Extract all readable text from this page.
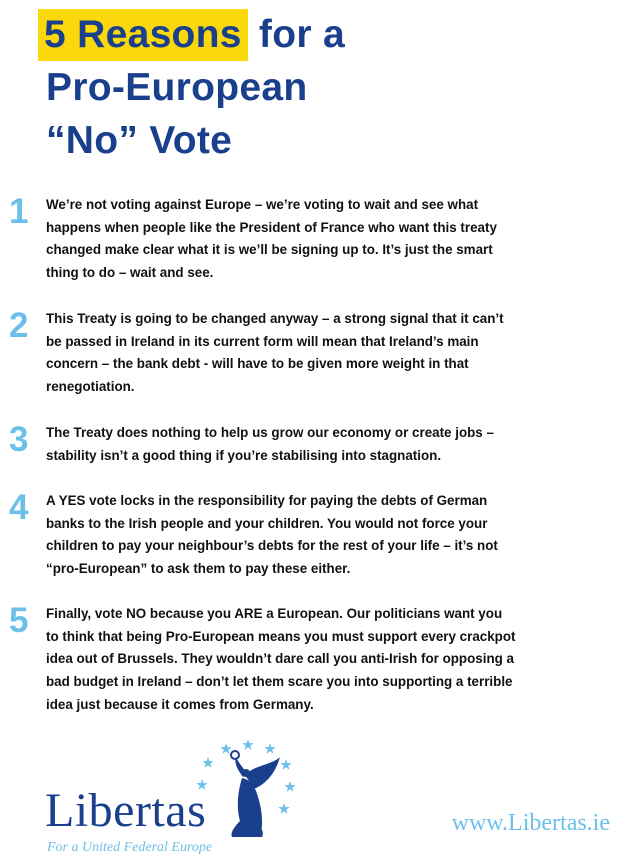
5 Reasons for a
Pro-European
“No” Vote
1 We’re not voting against Europe – we’re voting to wait and see what happens when people like the President of France who want this treaty changed make clear what it is we’ll be signing up to. It’s just the smart thing to do – wait and see.

2 This Treaty is going to be changed anyway – a strong signal that it can’t be passed in Ireland in its current form will mean that Ireland’s main concern – the bank debt - will have to be given more weight in that renegotiation.

3 The Treaty does nothing to help us grow our economy or create jobs – stability isn’t a good thing if you’re stabilising into stagnation.

4 A YES vote locks in the responsibility for paying the debts of German banks to the Irish people and your children. You would not force your children to pay your neighbour’s debts for the rest of your life – it’s not “pro-European” to ask them to pay these either.

5 Finally, vote NO because you ARE a European. Our politicians want you to think that being Pro-European means you must support every crackpot idea out of Brussels. They wouldn’t dare call you anti-Irish for opposing a bad budget in Ireland – don’t let them scare you into supporting a terrible idea just because it comes from Germany.

Libertas
For a United Federal Europe
www.Libertas.ie
